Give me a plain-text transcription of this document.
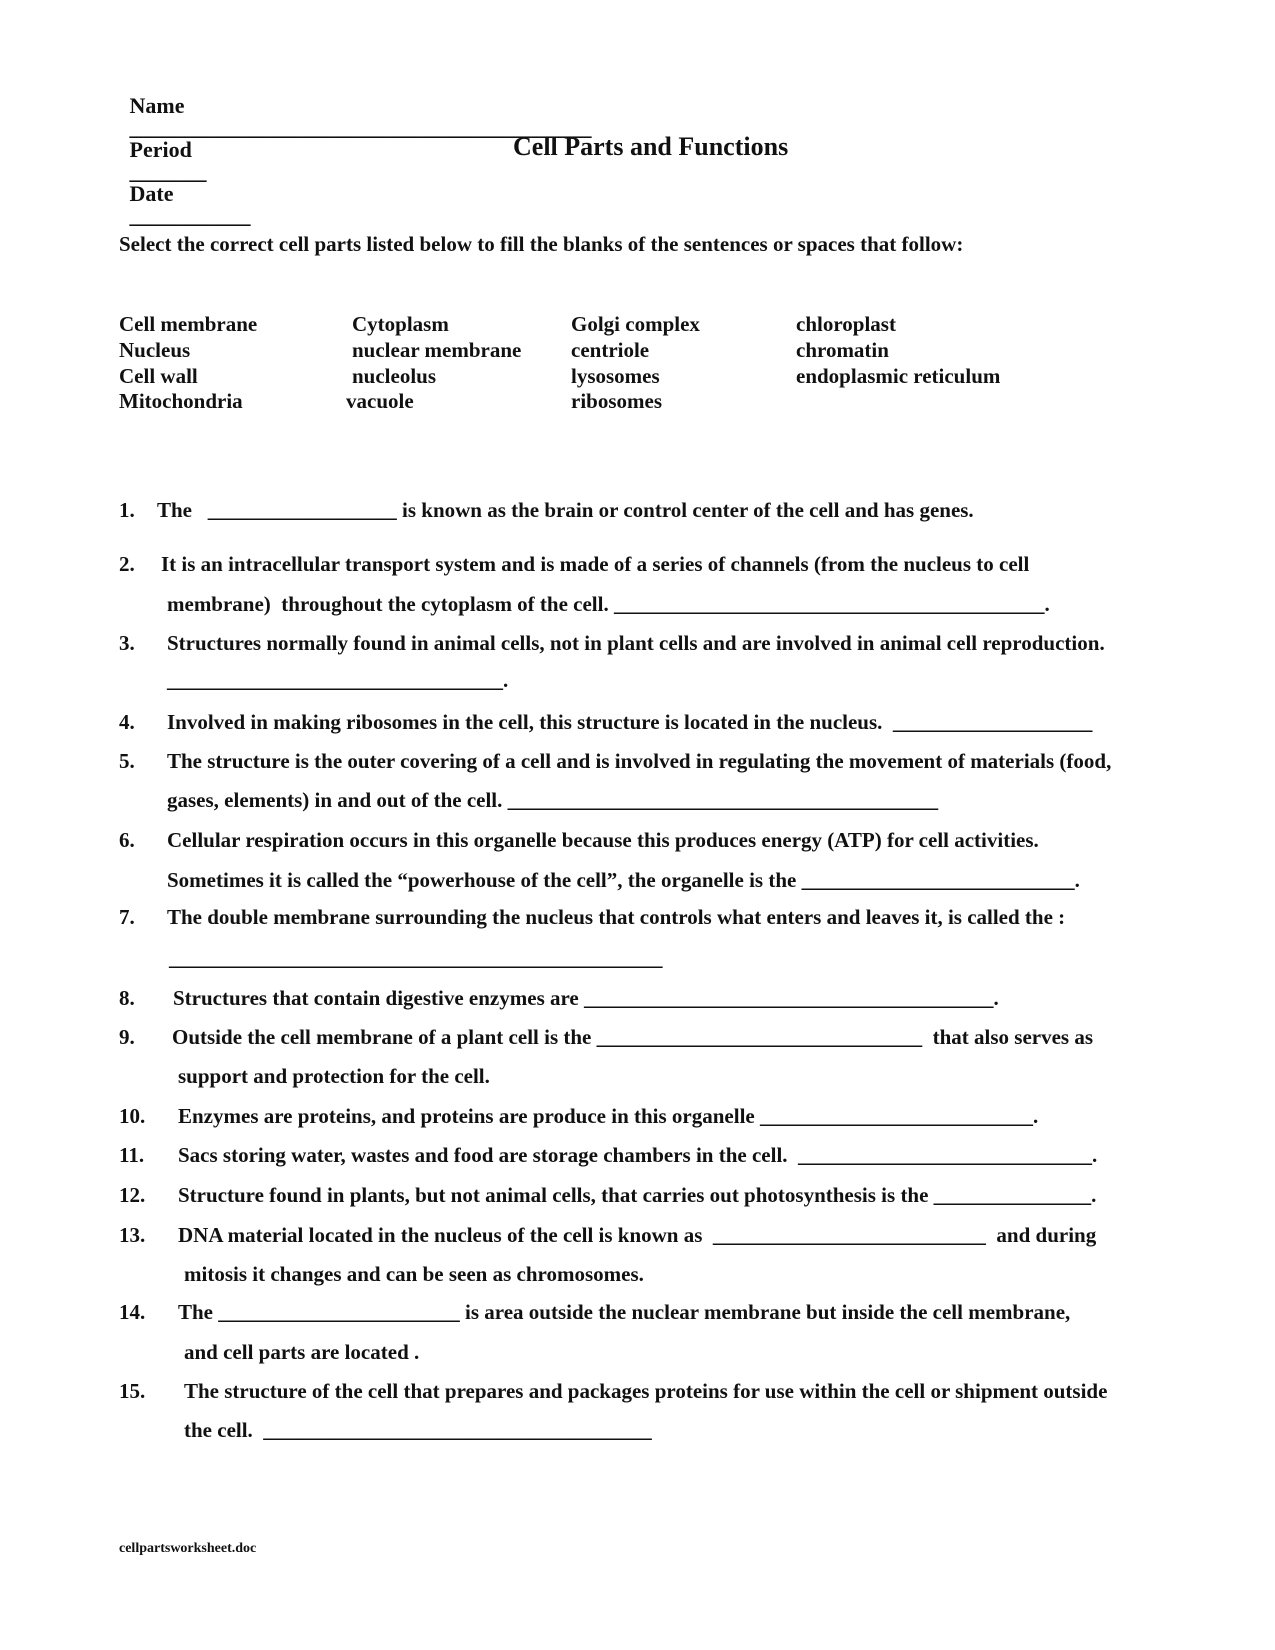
Name
__________________________________________
Period
_______
Date
___________

Cell Parts and Functions
Select the correct cell parts listed below to fill the blanks of the sentences or spaces that follow:
Cell membrane
Nucleus
Cell wall
Mitochondria
Cytoplasm
nuclear membrane
nucleolus
vacuole
Golgi complex
centriole
lysosomes
ribosomes
chloroplast
chromatin
endoplasmic reticulum
1. The   __________________ is known as the brain or control center of the cell and has genes.
2. It is an intracellular transport system and is made of a series of channels (from the nucleus to cell
membrane)  throughout the cytoplasm of the cell. _________________________________________.
3. Structures normally found in animal cells, not in plant cells and are involved in animal cell reproduction.
________________________________.
4. Involved in making ribosomes in the cell, this structure is located in the nucleus.  ___________________
5. The structure is the outer covering of a cell and is involved in regulating the movement of materials (food,
gases, elements) in and out of the cell. _________________________________________
6. Cellular respiration occurs in this organelle because this produces energy (ATP) for cell activities.
Sometimes it is called the “powerhouse of the cell”, the organelle is the __________________________.
7. The double membrane surrounding the nucleus that controls what enters and leaves it, is called the :
_______________________________________________
8. Structures that contain digestive enzymes are _______________________________________.
9. Outside the cell membrane of a plant cell is the _______________________________  that also serves as
support and protection for the cell.
10. Enzymes are proteins, and proteins are produce in this organelle __________________________.
11. Sacs storing water, wastes and food are storage chambers in the cell.  ____________________________.
12. Structure found in plants, but not animal cells, that carries out photosynthesis is the _______________.
13. DNA material located in the nucleus of the cell is known as  __________________________  and during
mitosis it changes and can be seen as chromosomes.
14. The _______________________ is area outside the nuclear membrane but inside the cell membrane,
and cell parts are located .
15. The structure of the cell that prepares and packages proteins for use within the cell or shipment outside
the cell.  _____________________________________
cellpartsworksheet.doc
